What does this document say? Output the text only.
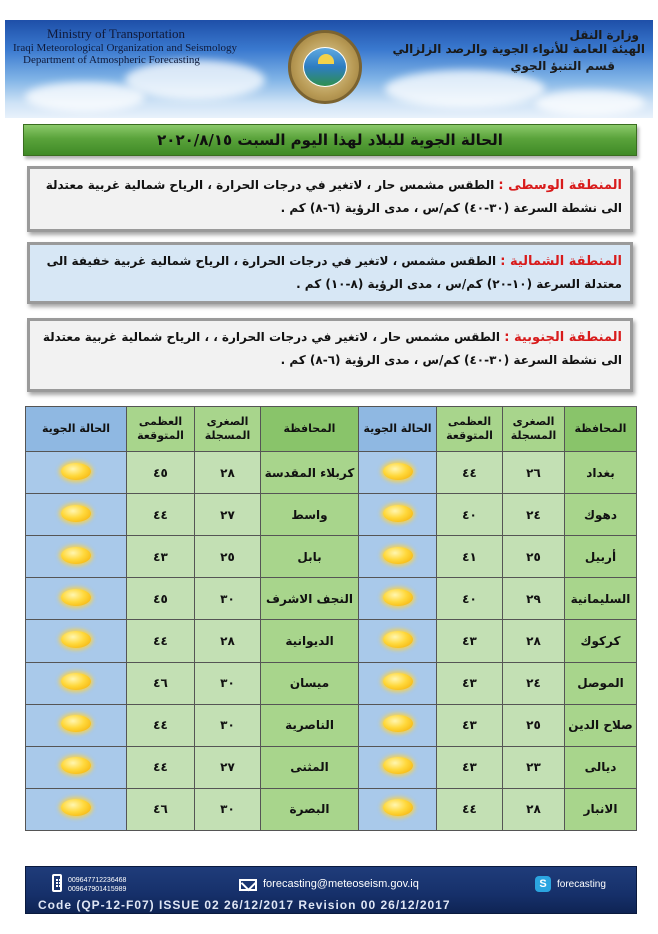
Ministry of Transportation
Iraqi Meteorological Organization and Seismology
Department of Atmospheric Forecasting
وزارة النقل
الهيئة العامة للأنواء الجوية والرصد الزلزالي
قسم التنبؤ الجوي
الحالة الجوية للبلاد لهذا اليوم السبت ٢٠٢٠/٨/١٥
المنطقة الوسطى : الطقس مشمس حار ، لاتغير في درجات الحرارة ، الرياح شمالية غربية معتدلة الى نشطة السرعة (٣٠-٤٠) كم/س ، مدى الرؤية (٦-٨) كم .
المنطقة الشمالية : الطقس مشمس ، لاتغير في درجات الحرارة ، الرياح شمالية غربية خفيفة الى معتدلة السرعة (١٠-٢٠) كم/س ، مدى الرؤية (٨-١٠) كم .
المنطقة الجنوبية : الطقس مشمس حار ، لاتغير في درجات الحرارة ، ، الرياح شمالية غربية معتدلة الى نشطة السرعة (٣٠-٤٠) كم/س ، مدى الرؤية (٦-٨) كم .
المحافظة	الصغرى المسجلة	العظمى المتوقعة	الحالة الجوية	المحافظة	الصغرى المسجلة	العظمى المتوقعة	الحالة الجوية
بغداد	٢٦	٤٤		كربلاء المقدسة	٢٨	٤٥	
دهوك	٢٤	٤٠		واسط	٢٧	٤٤	
أربيل	٢٥	٤١		بابل	٢٥	٤٣	
السليمانية	٢٩	٤٠		النجف الاشرف	٣٠	٤٥	
كركوك	٢٨	٤٣		الديوانية	٢٨	٤٤	
الموصل	٢٤	٤٣		ميسان	٣٠	٤٦	
صلاح الدين	٢٥	٤٣		الناصرية	٣٠	٤٤	
ديالى	٢٣	٤٣		المثنى	٢٧	٤٤	
الانبار	٢٨	٤٤		البصرة	٣٠	٤٦	
009647712236468
009647901415989	forecasting@meteoseism.gov.iq	S	forecasting
Code (QP-12-F07) ISSUE 02 26/12/2017 Revision 00 26/12/2017
